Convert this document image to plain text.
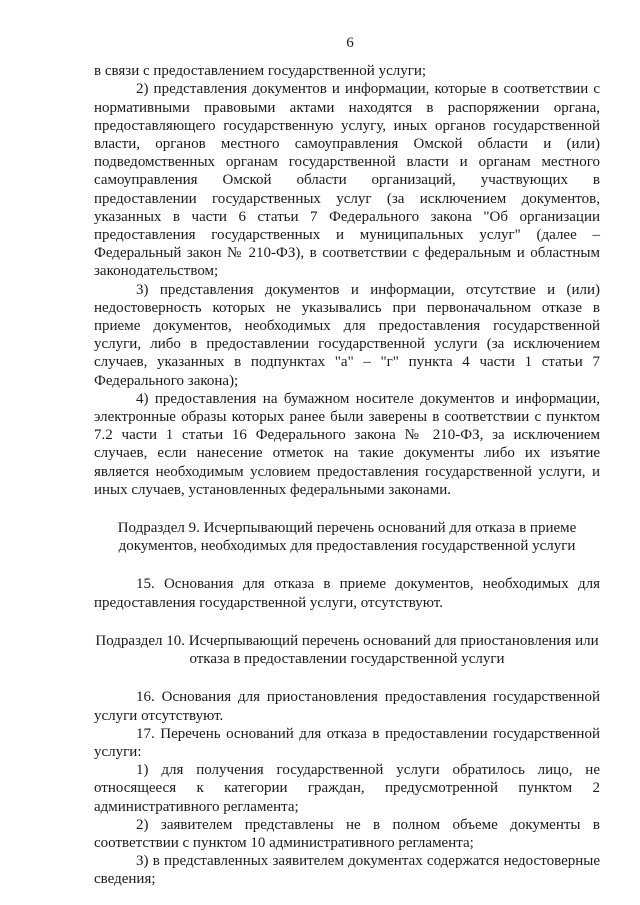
6

в связи с предоставлением государственной услуги;

2) представления документов и информации, которые в соответствии с нормативными правовыми актами находятся в распоряжении органа, предоставляющего государственную услугу, иных органов государственной власти, органов местного самоуправления Омской области и (или) подведомственных органам государственной власти и органам местного самоуправления Омской области организаций, участвующих в предоставлении государственных услуг (за исключением документов, указанных в части 6 статьи 7 Федерального закона "Об организации предоставления государственных и муниципальных услуг" (далее – Федеральный закон № 210-ФЗ), в соответствии с федеральным и областным законодательством;

3) представления документов и информации, отсутствие и (или) недостоверность которых не указывались при первоначальном отказе в приеме документов, необходимых для предоставления государственной услуги, либо в предоставлении государственной услуги (за исключением случаев, указанных в подпунктах "а" – "г" пункта 4 части 1 статьи 7 Федерального закона);

4) предоставления на бумажном носителе документов и информации, электронные образы которых ранее были заверены в соответствии с пунктом 7.2 части 1 статьи 16 Федерального закона № 210-ФЗ, за исключением случаев, если нанесение отметок на такие документы либо их изъятие является необходимым условием предоставления государственной услуги, и иных случаев, установленных федеральными законами.

Подраздел 9. Исчерпывающий перечень оснований для отказа в приеме документов, необходимых для предоставления государственной услуги

15. Основания для отказа в приеме документов, необходимых для предоставления государственной услуги, отсутствуют.

Подраздел 10. Исчерпывающий перечень оснований для приостановления или отказа в предоставлении государственной услуги

16. Основания для приостановления предоставления государственной услуги отсутствуют.

17. Перечень оснований для отказа в предоставлении государственной услуги:

1) для получения государственной услуги обратилось лицо, не относящееся к категории граждан, предусмотренной пунктом 2 административного регламента;

2) заявителем представлены не в полном объеме документы в соответствии с пунктом 10 административного регламента;

3) в представленных заявителем документах содержатся недостоверные сведения;
